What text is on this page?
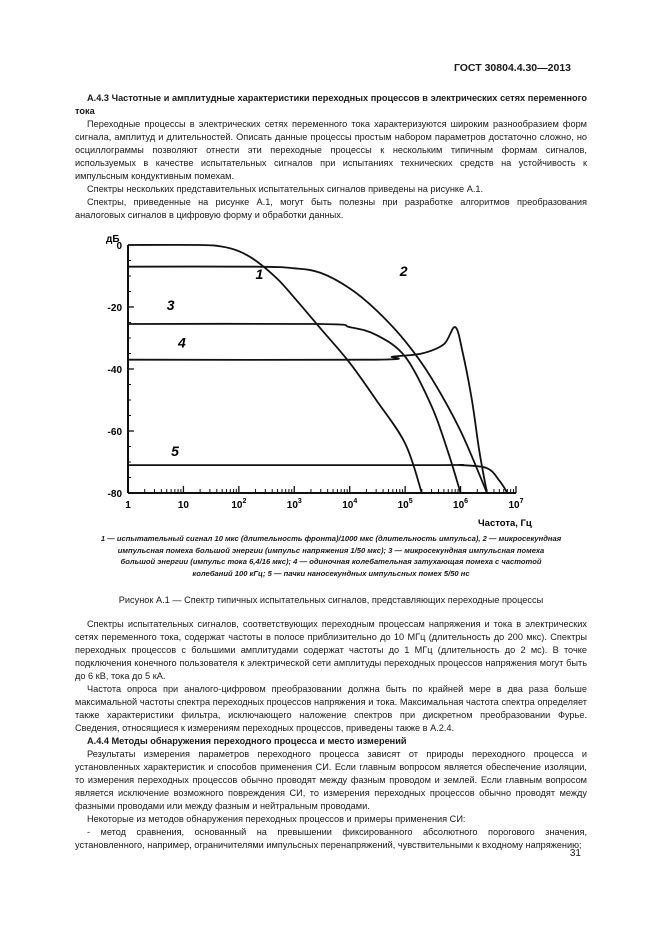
ГОСТ 30804.4.30—2013

А.4.3 Частотные и амплитудные характеристики переходных процессов в электрических сетях переменного тока

Переходные процессы в электрических сетях переменного тока характеризуются широким разнообразием форм сигнала, амплитуд и длительностей. Описать данные процессы простым набором параметров достаточно сложно, но осциллограммы позволяют отнести эти переходные процессы к нескольким типичным формам сигналов, используемых в качестве испытательных сигналов при испытаниях технических средств на устойчивость к импульсным кондуктивным помехам.

Спектры нескольких представительных испытательных сигналов приведены на рисунке А.1.

Спектры, приведенные на рисунке А.1, могут быть полезны при разработке алгоритмов преобразования аналоговых сигналов в цифровую форму и обработки данных.

дБ
Частота, Гц
0
-20
-40
-60
-80
1	10	$10^2$	$10^3$	$10^4$	$10^5$	$10^6$	$10^7$
1	2
3
4
5
1 — испытательный сигнал 10 мкс (длительность фронта)/1000 мкс (длительность импульса), 2 — микросекундная импульсная помеха большой энергии (импульс напряжения 1/50 мкс); 3 — микросекундная импульсная помеха большой энергии (импульс тока 6,4/16 мкс); 4 — одиночная колебательная затухающая помеха с частотой колебаний 100 кГц; 5 — пачки наносекундных импульсных помех 5/50 нс
Рисунок А.1 — Спектр типичных испытательных сигналов, представляющих переходные процессы

Спектры испытательных сигналов, соответствующих переходным процессам напряжения и тока в электрических сетях переменного тока, содержат частоты в полосе приблизительно до 10 МГц (длительность до 200 мкс). Спектры переходных процессов с большими амплитудами содержат частоты до 1 МГц (длительность до 2 мс). В точке подключения конечного пользователя к электрической сети амплитуды переходных процессов напряжения могут быть до 6 кВ, тока до 5 кА.

Частота опроса при аналого-цифровом преобразовании должна быть по крайней мере в два раза больше максимальной частоты спектра переходных процессов напряжения и тока. Максимальная частота спектра определяет также характеристики фильтра, исключающего наложение спектров при дискретном преобразовании Фурье. Сведения, относящиеся к измерениям переходных процессов, приведены также в А.2.4.

А.4.4 Методы обнаружения переходного процесса и место измерений

Результаты измерения параметров переходного процесса зависят от природы переходного процесса и установленных характеристик и способов применения СИ. Если главным вопросом является обеспечение изоляции, то измерения переходных процессов обычно проводят между фазным проводом и землей. Если главным вопросом является исключение возможного повреждения СИ, то измерения переходных процессов обычно проводят между фазными проводами или между фазным и нейтральным проводами.

Некоторые из методов обнаружения переходных процессов и примеры применения СИ:

- метод сравнения, основанный на превышении фиксированного абсолютного порогового значения, установленного, например, ограничителями импульсных перенапряжений, чувствительными к входному напряжению;

31
